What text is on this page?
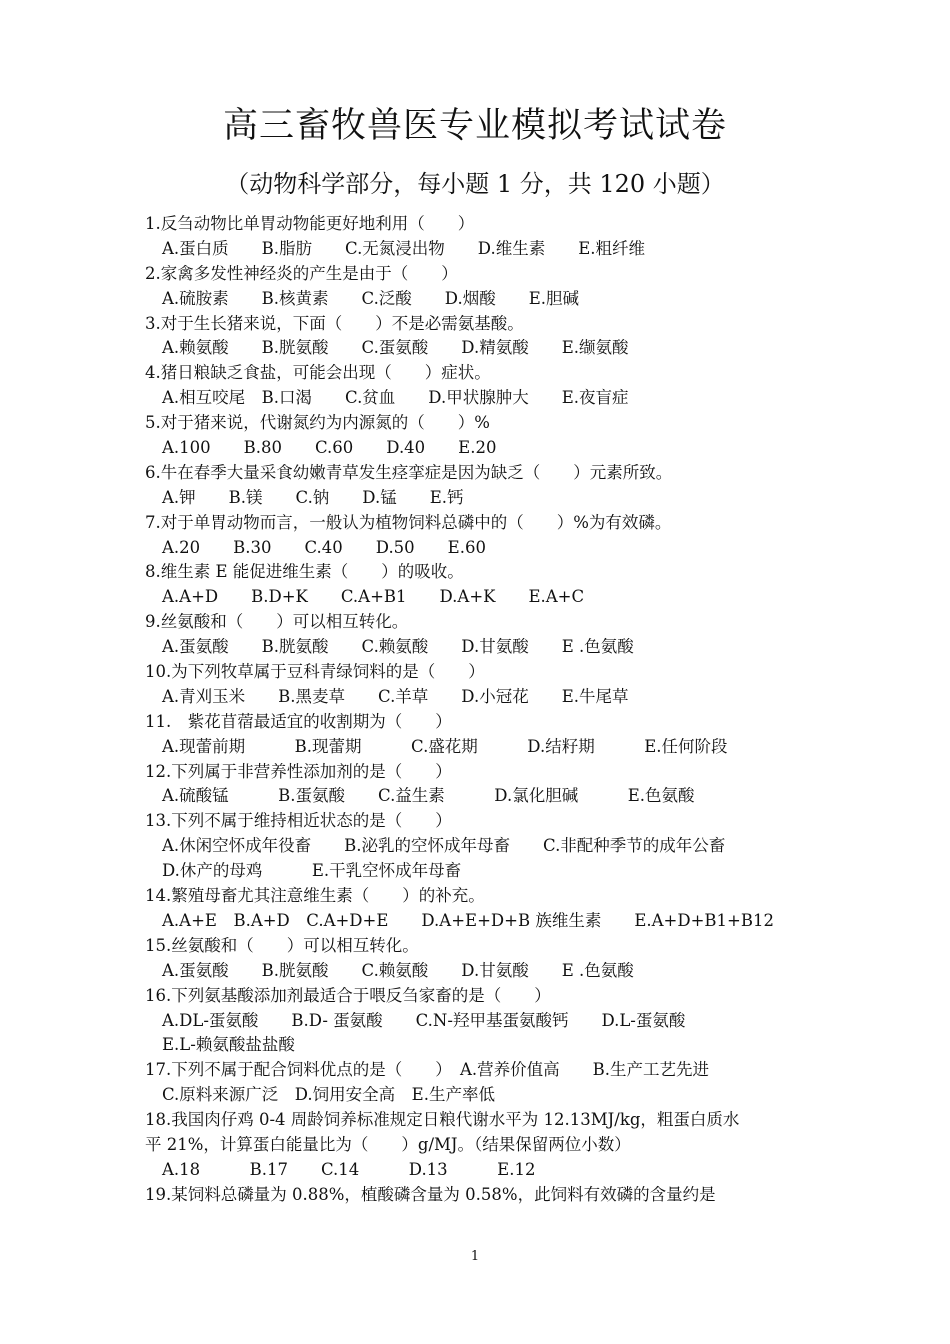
高三畜牧兽医专业模拟考试试卷
（动物科学部分，每小题 1 分，共 120 小题）
1.反刍动物比单胃动物能更好地利用（　　）
A.蛋白质　　B.脂肪　　C.无氮浸出物　　D.维生素　　E.粗纤维
2.家禽多发性神经炎的产生是由于（　　）
A.硫胺素　　B.核黄素　　C.泛酸　　D.烟酸　　E.胆碱
3.对于生长猪来说，下面（　　）不是必需氨基酸。
A.赖氨酸　　B.胱氨酸　　C.蛋氨酸　　D.精氨酸　　E.缬氨酸
4.猪日粮缺乏食盐，可能会出现（　　）症状。
A.相互咬尾　B.口渴　　C.贫血　　D.甲状腺肿大　　E.夜盲症
5.对于猪来说，代谢氮约为内源氮的（　　）%
A.100　　B.80　　C.60　　D.40　　E.20
6.牛在春季大量采食幼嫩青草发生痉挛症是因为缺乏（　　）元素所致。
A.钾　　B.镁　　C.钠　　D.锰　　E.钙
7.对于单胃动物而言，一般认为植物饲料总磷中的（　　）%为有效磷。
A.20　　B.30　　C.40　　D.50　　E.60
8.维生素 E 能促进维生素（　　）的吸收。
A.A+D　　B.D+K　　C.A+B1　　D.A+K　　E.A+C
9.丝氨酸和（　　）可以相互转化。
A.蛋氨酸　　B.胱氨酸　　C.赖氨酸　　D.甘氨酸　　E .色氨酸
10.为下列牧草属于豆科青绿饲料的是（　　）
A.青刈玉米　　B.黑麦草　　C.羊草　　D.小冠花　　E.牛尾草
11.　紫花苜蓿最适宜的收割期为（　　）
A.现蕾前期　　　B.现蕾期　　　C.盛花期　　　D.结籽期　　　E.任何阶段
12.下列属于非营养性添加剂的是（　　）
A.硫酸锰　　　B.蛋氨酸　　C.益生素　　　D.氯化胆碱　　　E.色氨酸
13.下列不属于维持相近状态的是（　　）
A.休闲空怀成年役畜　　B.泌乳的空怀成年母畜　　C.非配种季节的成年公畜
D.休产的母鸡　　　E.干乳空怀成年母畜
14.繁殖母畜尤其注意维生素（　　）的补充。
A.A+E　B.A+D　C.A+D+E　　D.A+E+D+B 族维生素　　E.A+D+B1+B12
15.丝氨酸和（　　）可以相互转化。
A.蛋氨酸　　B.胱氨酸　　C.赖氨酸　　D.甘氨酸　　E .色氨酸
16.下列氨基酸添加剂最适合于喂反刍家畜的是（　　）
A.DL-蛋氨酸　　B.D- 蛋氨酸　　C.N-羟甲基蛋氨酸钙　　D.L-蛋氨酸
E.L-赖氨酸盐盐酸
17.下列不属于配合饲料优点的是（　　）　A.营养价值高　　B.生产工艺先进
C.原料来源广泛　D.饲用安全高　E.生产率低
18.我国肉仔鸡 0-4 周龄饲养标准规定日粮代谢水平为 12.13MJ/kg，粗蛋白质水
平 21%，计算蛋白能量比为（　　）g/MJ。（结果保留两位小数）
A.18　　　B.17　　C.14　　　D.13　　　E.12
19.某饲料总磷量为 0.88%，植酸磷含量为 0.58%，此饲料有效磷的含量约是
1
